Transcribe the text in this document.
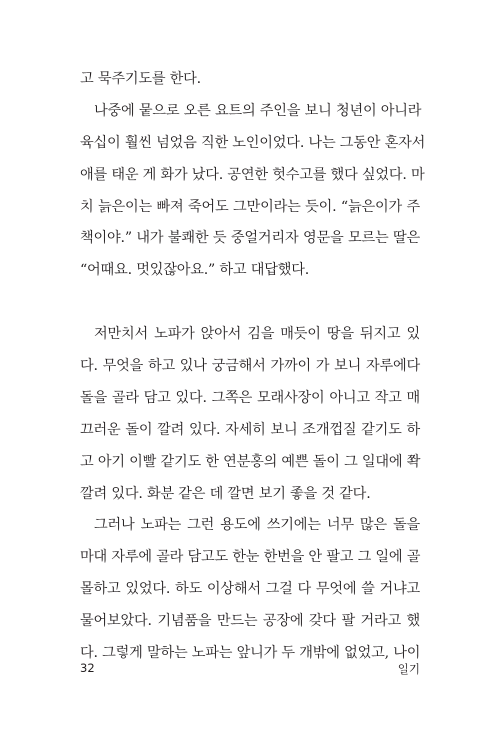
고 묵주기도를 한다.
나중에 뭍으로 오른 요트의 주인을 보니 청년이 아니라
육십이 훨씬 넘었음 직한 노인이었다. 나는 그동안 혼자서
애를 태운 게 화가 났다. 공연한 헛수고를 했다 싶었다. 마
치 늙은이는 빠져 죽어도 그만이라는 듯이. “늙은이가 주
책이야.” 내가 불쾌한 듯 중얼거리자 영문을 모르는 딸은
“어때요. 멋있잖아요.” 하고 대답했다.
저만치서 노파가 앉아서 김을 매듯이 땅을 뒤지고 있
다. 무엇을 하고 있나 궁금해서 가까이 가 보니 자루에다
돌을 골라 담고 있다. 그쪽은 모래사장이 아니고 작고 매
끄러운 돌이 깔려 있다. 자세히 보니 조개껍질 같기도 하
고 아기 이빨 같기도 한 연분홍의 예쁜 돌이 그 일대에 쫙
깔려 있다. 화분 같은 데 깔면 보기 좋을 것 같다.
그러나 노파는 그런 용도에 쓰기에는 너무 많은 돌을
마대 자루에 골라 담고도 한눈 한번을 안 팔고 그 일에 골
몰하고 있었다. 하도 이상해서 그걸 다 무엇에 쓸 거냐고
물어보았다. 기념품을 만드는 공장에 갖다 팔 거라고 했
다. 그렇게 말하는 노파는 앞니가 두 개밖에 없었고, 나이
32	일기
